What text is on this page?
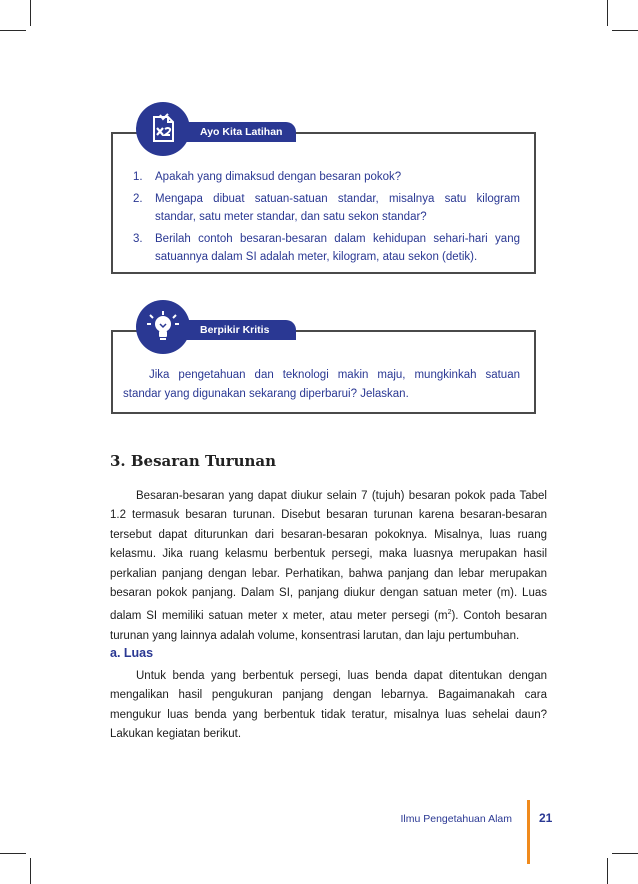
1. Apakah yang dimaksud dengan besaran pokok?
2. Mengapa dibuat satuan-satuan standar, misalnya satu kilogram standar, satu meter standar, dan satu sekon standar?
3. Berilah contoh besaran-besaran dalam kehidupan sehari-hari yang satuannya dalam SI adalah meter, kilogram, atau sekon (detik).
Ayo Kita Latihan

Jika pengetahuan dan teknologi makin maju, mungkinkah satuan standar yang digunakan sekarang diperbarui? Jelaskan.

Berpikir Kritis
3. Besaran Turunan

Besaran-besaran yang dapat diukur selain 7 (tujuh) besaran pokok pada Tabel 1.2 termasuk besaran turunan. Disebut besaran turunan karena besaran-besaran tersebut dapat diturunkan dari besaran-besaran pokoknya. Misalnya, luas ruang kelasmu. Jika ruang kelasmu berbentuk persegi, maka luasnya merupakan hasil perkalian panjang dengan lebar. Perhatikan, bahwa panjang dan lebar merupakan besaran pokok panjang. Dalam SI, panjang diukur dengan satuan meter (m). Luas dalam SI memiliki satuan meter x meter, atau meter persegi $(m^2)$. Contoh besaran turunan yang lainnya adalah volume, konsentrasi larutan, dan laju pertumbuhan.

a. Luas

Untuk benda yang berbentuk persegi, luas benda dapat ditentukan dengan mengalikan hasil pengukuran panjang dengan lebarnya. Bagaimanakah cara mengukur luas benda yang berbentuk tidak teratur, misalnya luas sehelai daun? Lakukan kegiatan berikut.

Ilmu Pengetahuan Alam 21
